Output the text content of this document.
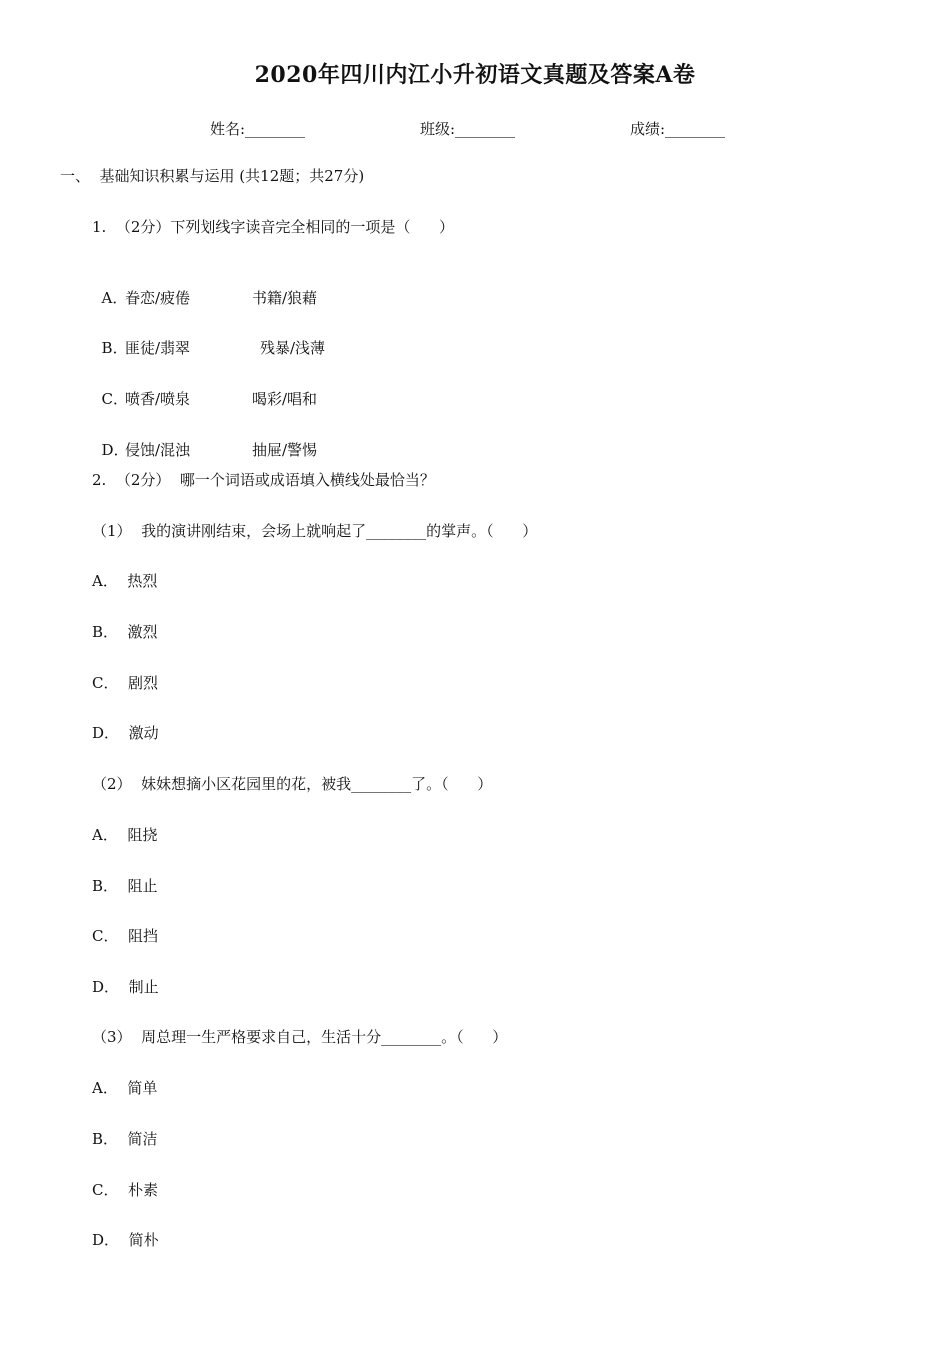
2020年四川内江小升初语文真题及答案A卷
姓名:________	班级:________	成绩:________
一、  基础知识积累与运用 (共12题；共27分)
1.  （2分）下列划线字读音完全相同的一项是（      ）

A．
眷恋/疲倦	书籍/狼藉

B．
匪徒/翡翠	残暴/浅薄

C．
喷香/喷泉	喝彩/唱和

D．
侵蚀/混浊	抽屉/警惕

2.  （2分）  哪一个词语或成语填入横线处最恰当？
（1）  我的演讲刚结束，会场上就响起了________的掌声。（      ）
A．  热烈
B．  激烈
C．  剧烈
D．  激动
（2）  妹妹想摘小区花园里的花，被我________了。（      ）
A．  阻挠
B．  阻止
C．  阻挡
D．  制止
（3）  周总理一生严格要求自己，生活十分________。（      ）
A．  简单
B．  简洁
C．  朴素
D．  简朴
